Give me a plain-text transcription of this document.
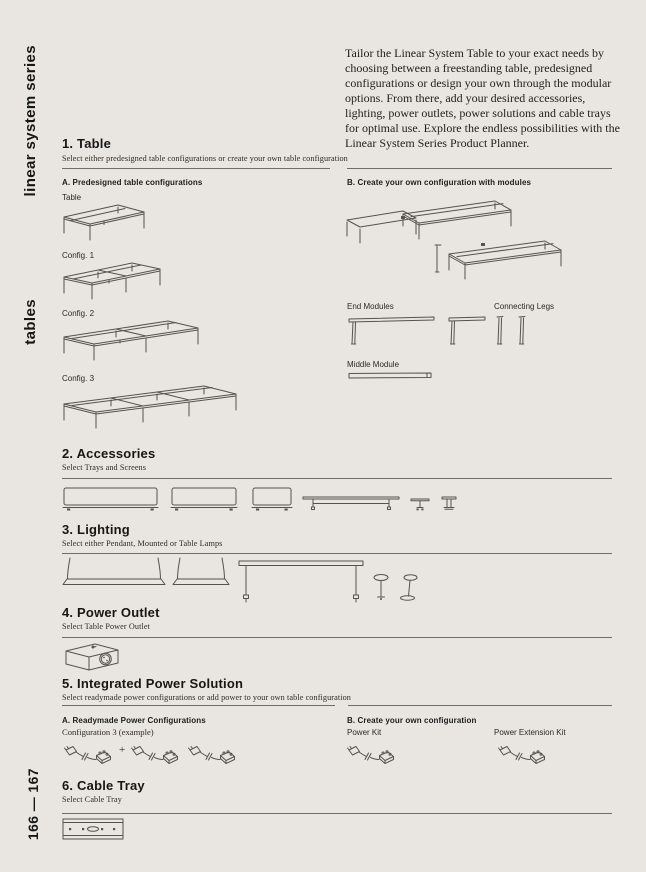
linear system series
tables
166 — 167
Tailor the Linear System Table to your exact needs by choosing between a freestanding table, predesigned configurations or design your own through the modular options. From there, add your desired accessories, lighting, power outlets, power solutions and cable trays for optimal use. Explore the endless possibilities with the Linear System Series Product Planner.
1. Table
Select either predesigned table configurations or create your own table configuration
A. Predesigned table configurations	B. Create your own configuration with modules
Table
Config. 1
Config. 2
Config. 3
End Modules	Connecting Legs
Middle Module
2. Accessories
Select Trays and Screens
3. Lighting
Select either Pendant, Mounted or Table Lamps
4. Power Outlet
Select Table Power Outlet
5. Integrated Power Solution
Select readymade power configurations or add power to your own table configuration
A. Readymade Power Configurations
Configuration 3 (example)
+
B. Create your own configuration
Power Kit	Power Extension Kit
6. Cable Tray
Select Cable Tray
